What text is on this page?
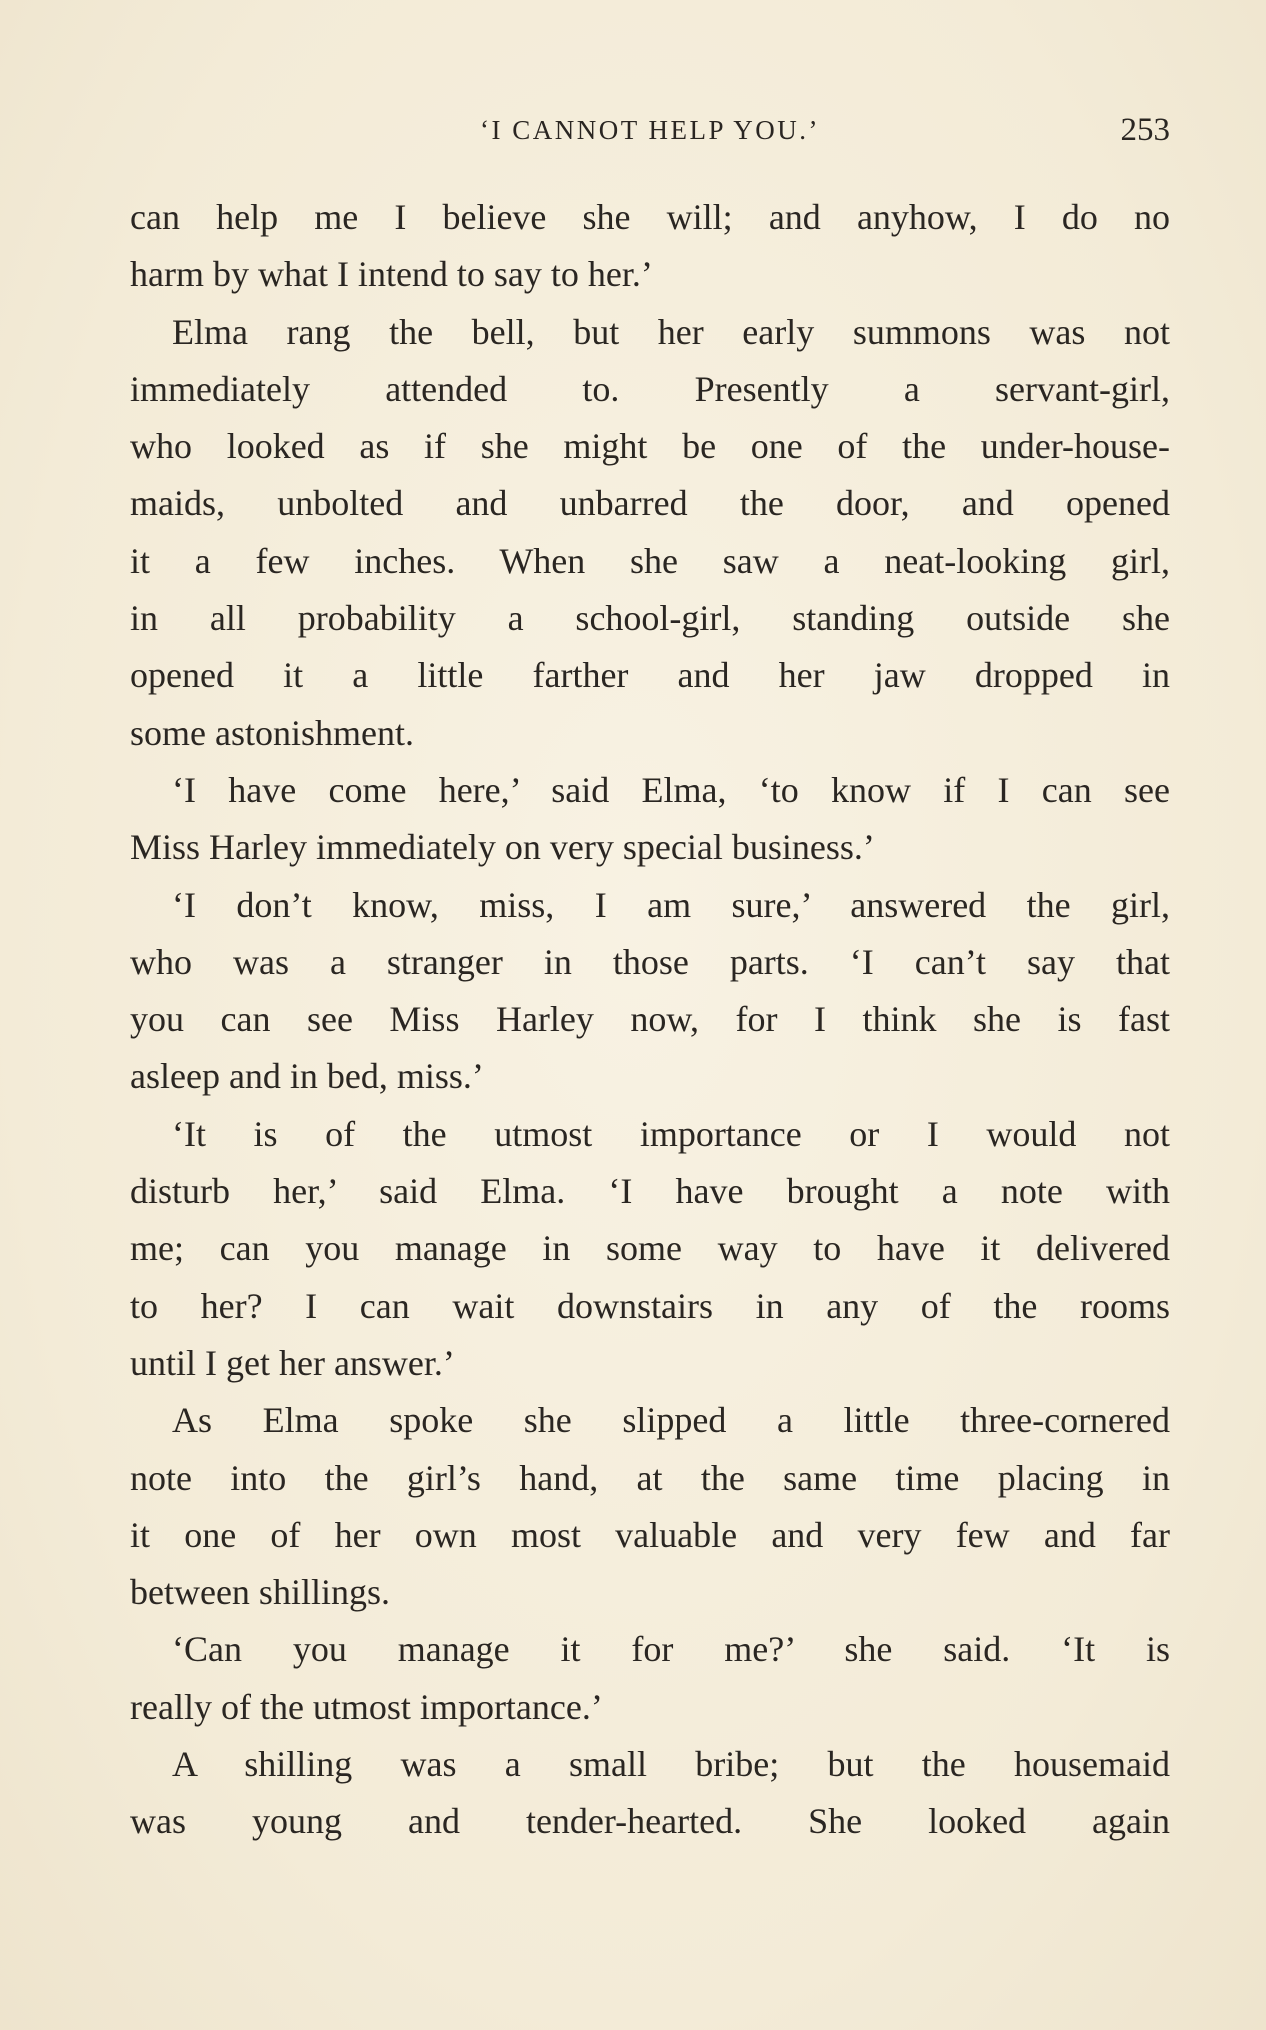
‘I CANNOT HELP YOU.’	253
can help me I believe she will; and anyhow, I do no
harm by what I intend to say to her.’
Elma rang the bell, but her early summons was not
immediately attended to. Presently a servant-girl,
who looked as if she might be one of the under-house-
maids, unbolted and unbarred the door, and opened
it a few inches. When she saw a neat-looking girl,
in all probability a school-girl, standing outside she
opened it a little farther and her jaw dropped in
some astonishment.
‘I have come here,’ said Elma, ‘to know if I can see
Miss Harley immediately on very special business.’
‘I don’t know, miss, I am sure,’ answered the girl,
who was a stranger in those parts. ‘I can’t say that
you can see Miss Harley now, for I think she is fast
asleep and in bed, miss.’
‘It is of the utmost importance or I would not
disturb her,’ said Elma. ‘I have brought a note with
me; can you manage in some way to have it delivered
to her? I can wait downstairs in any of the rooms
until I get her answer.’
As Elma spoke she slipped a little three-cornered
note into the girl’s hand, at the same time placing in
it one of her own most valuable and very few and far
between shillings.
‘Can you manage it for me?’ she said. ‘It is
really of the utmost importance.’
A shilling was a small bribe; but the housemaid
was young and tender-hearted. She looked again
